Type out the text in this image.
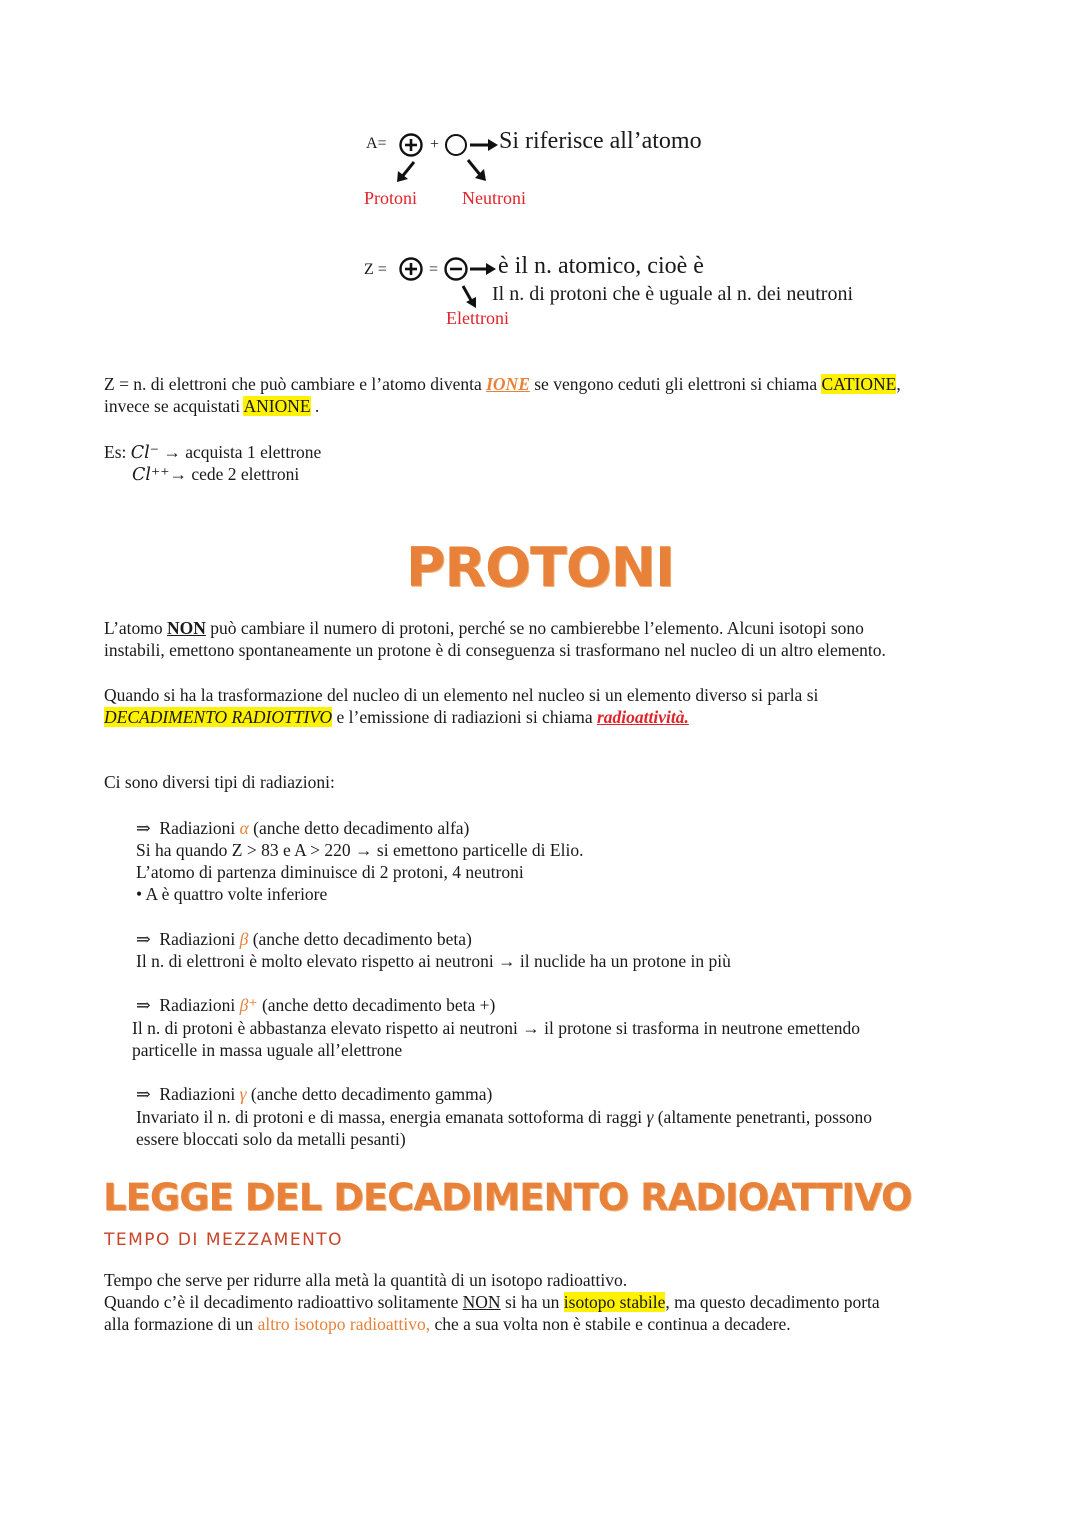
A=	+ Si riferisce all’atomo
Protoni Neutroni
Z =	= è il n. atomico, cioè è
Il n. di protoni che è uguale al n. dei neutroni
Elettroni
Z = n. di elettroni che può cambiare e l’atomo diventa IONE se vengono ceduti gli elettroni si chiama CATIONE,
invece se acquistati ANIONE .
Es: Cl⁻ → acquista 1 elettrone
Cl⁺⁺→ cede 2 elettroni
PROTONI
L’atomo NON può cambiare il numero di protoni, perché se no cambierebbe l’elemento. Alcuni isotopi sono
instabili, emettono spontaneamente un protone è di conseguenza si trasformano nel nucleo di un altro elemento.
Quando si ha la trasformazione del nucleo di un elemento nel nucleo si un elemento diverso si parla si
DECADIMENTO RADIOTTIVO e l’emissione di radiazioni si chiama radioattività.
Ci sono diversi tipi di radiazioni:
⇒ Radiazioni α (anche detto decadimento alfa)
Si ha quando Z > 83 e A > 220 → si emettono particelle di Elio.
L’atomo di partenza diminuisce di 2 protoni, 4 neutroni
• A è quattro volte inferiore
⇒ Radiazioni β (anche detto decadimento beta)
Il n. di elettroni è molto elevato rispetto ai neutroni → il nuclide ha un protone in più
⇒ Radiazioni β⁺ (anche detto decadimento beta +)
Il n. di protoni è abbastanza elevato rispetto ai neutroni → il protone si trasforma in neutrone emettendo
particelle in massa uguale all’elettrone
⇒ Radiazioni γ (anche detto decadimento gamma)
Invariato il n. di protoni e di massa, energia emanata sottoforma di raggi γ (altamente penetranti, possono
essere bloccati solo da metalli pesanti)
LEGGE DEL DECADIMENTO RADIOATTIVO
TEMPO DI MEZZAMENTO
Tempo che serve per ridurre alla metà la quantità di un isotopo radioattivo.
Quando c’è il decadimento radioattivo solitamente NON si ha un isotopo stabile, ma questo decadimento porta
alla formazione di un altro isotopo radioattivo, che a sua volta non è stabile e continua a decadere.
